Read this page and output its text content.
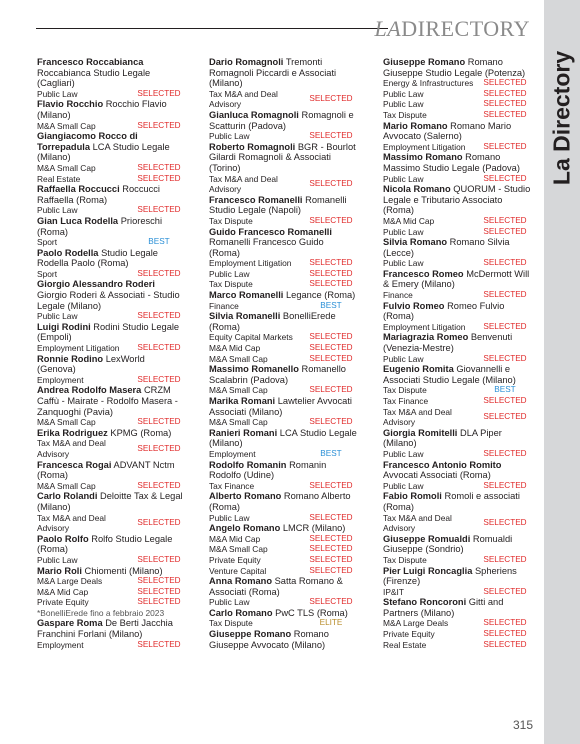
LADIRECTORY
La Directory
Francesco Roccabianca Roccabianca Studio Legale (Cagliari)
Public Law	SELECTED
Flavio Rocchio Rocchio Flavio (Milano)
M&A Small Cap	SELECTED
Giangiacomo Rocco di Torrepadula LCA Studio Legale (Milano)
M&A Small Cap	SELECTED
Real Estate	SELECTED
Raffaella Roccucci Roccucci Raffaella (Roma)
Public Law	SELECTED
Gian Luca Rodella Prioreschi (Roma)
Sport	BEST
Paolo Rodella Studio Legale Rodella Paolo (Roma)
Sport	SELECTED
Giorgio Alessandro Roderi Giorgio Roderi & Associati - Studio Legale (Milano)
Public Law	SELECTED
Luigi Rodini Rodini Studio Legale (Empoli)
Employment Litigation	SELECTED
Ronnie Rodino LexWorld (Genova)
Employment	SELECTED
Andrea Rodolfo Masera CRZM Caffù - Mairate - Rodolfo Masera - Zanquoghi (Pavia)
M&A Small Cap	SELECTED
Erika Rodriguez KPMG (Roma)
Tax M&A and Deal Advisory
SELECTED
Francesca Rogai ADVANT Nctm (Roma)
M&A Small Cap	SELECTED
Carlo Rolandi Deloitte Tax & Legal (Milano)
Tax M&A and Deal Advisory
SELECTED
Paolo Rolfo Rolfo Studio Legale (Roma)
Public Law	SELECTED
Mario Roli Chiomenti (Milano)
M&A Large Deals	SELECTED
M&A Mid Cap	SELECTED
Private Equity	SELECTED
*BonelliErede fino a febbraio 2023
Gaspare Roma De Berti Jacchia Franchini Forlani (Milano)
Employment	SELECTED
Dario Romagnoli Tremonti Romagnoli Piccardi e Associati (Milano)
Tax M&A and Deal Advisory
SELECTED
Gianluca Romagnoli Romagnoli e Scatturin (Padova)
Public Law	SELECTED
Roberto Romagnoli BGR - Bourlot Gilardi Romagnoli & Associati (Torino)
Tax M&A and Deal Advisory
SELECTED
Francesco Romanelli Romanelli Studio Legale (Napoli)
Tax Dispute	SELECTED
Guido Francesco Romanelli Romanelli Francesco Guido (Roma)
Employment Litigation	SELECTED
Public Law	SELECTED
Tax Dispute	SELECTED
Marco Romanelli Legance (Roma)
Finance	BEST
Silvia Romanelli BonelliErede (Roma)
Equity Capital Markets	SELECTED
M&A Mid Cap	SELECTED
M&A Small Cap	SELECTED
Massimo Romanello Romanello Scalabrin (Padova)
M&A Small Cap	SELECTED
Marika Romani Lawtelier Avvocati Associati (Milano)
M&A Small Cap	SELECTED
Ranieri Romani LCA Studio Legale (Milano)
Employment	BEST
Rodolfo Romanin Romanin Rodolfo (Udine)
Tax Finance	SELECTED
Alberto Romano Romano Alberto (Roma)
Public Law	SELECTED
Angelo Romano LMCR (Milano)
M&A Mid Cap	SELECTED
M&A Small Cap	SELECTED
Private Equity	SELECTED
Venture Capital	SELECTED
Anna Romano Satta Romano & Associati (Roma)
Public Law	SELECTED
Carlo Romano PwC TLS (Roma)
Tax Dispute	ELITE
Giuseppe Romano Romano Giuseppe Avvocato (Milano)
Giuseppe Romano Romano Giuseppe Studio Legale (Potenza)
Energy & Infrastructures	SELECTED
Public Law	SELECTED
Public Law	SELECTED
Tax Dispute	SELECTED
Mario Romano Romano Mario Avvocato (Salerno)
Employment Litigation	SELECTED
Massimo Romano Romano Massimo Studio Legale (Padova)
Public Law	SELECTED
Nicola Romano QUORUM - Studio Legale e Tributario Associato (Roma)
M&A Mid Cap	SELECTED
Public Law	SELECTED
Silvia Romano Romano Silvia (Lecce)
Public Law	SELECTED
Francesco Romeo McDermott Will & Emery (Milano)
Finance	SELECTED
Fulvio Romeo Romeo Fulvio (Roma)
Employment Litigation	SELECTED
Mariagrazia Romeo Benvenuti (Venezia-Mestre)
Public Law	SELECTED
Eugenio Romita Giovannelli e Associati Studio Legale (Milano)
Tax Dispute	BEST
Tax Finance	SELECTED
Tax M&A and Deal Advisory
SELECTED
Giorgia Romitelli DLA Piper (Milano)
Public Law	SELECTED
Francesco Antonio Romito Avvocati Associati (Roma)
Public Law	SELECTED
Fabio Romoli Romoli e associati (Roma)
Tax M&A and Deal Advisory
SELECTED
Giuseppe Romualdi Romualdi Giuseppe (Sondrio)
Tax Dispute	SELECTED
Pier Luigi Roncaglia Spheriens (Firenze)
IP&IT	SELECTED
Stefano Roncoroni Gitti and Partners (Milano)
M&A Large Deals	SELECTED
Private Equity	SELECTED
Real Estate	SELECTED
315
